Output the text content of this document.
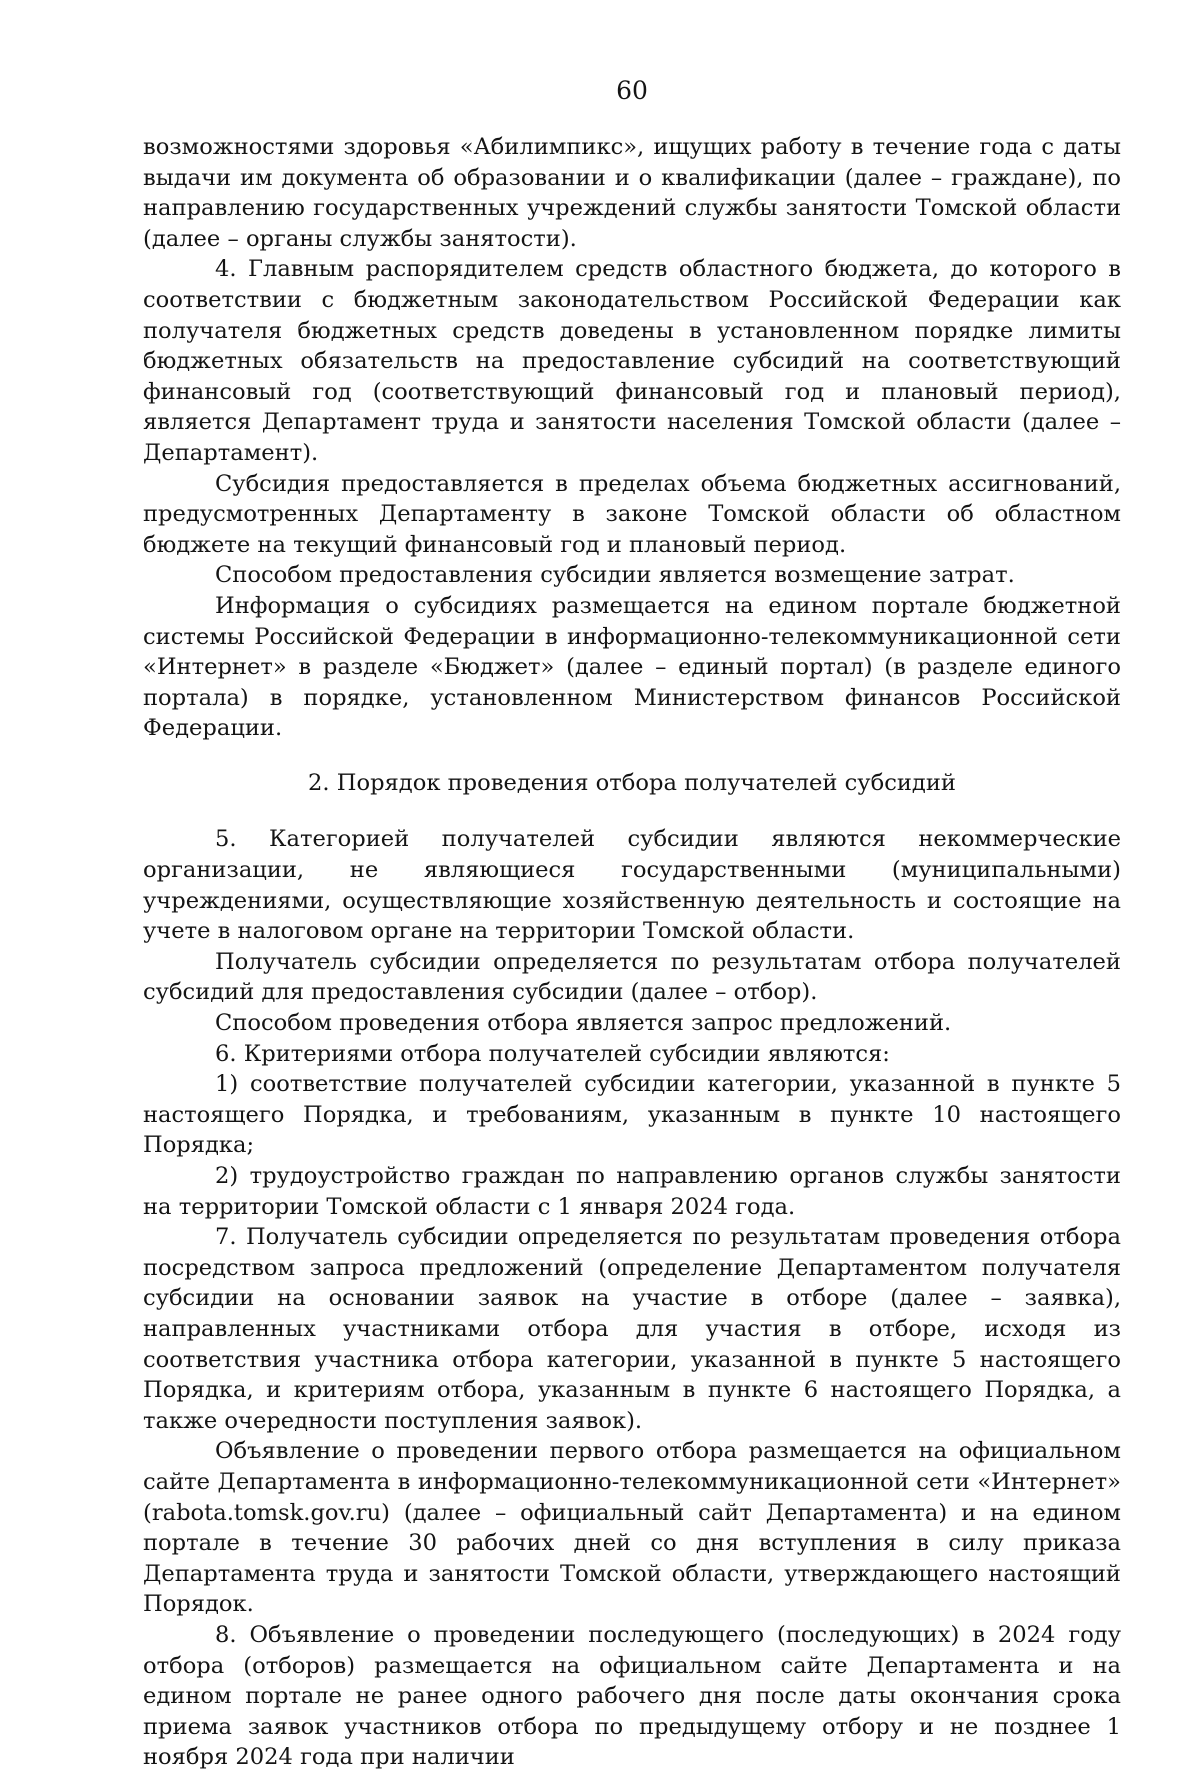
60

возможностями здоровья «Абилимпикс», ищущих работу в течение года с даты выдачи им документа об образовании и о квалификации (далее – граждане), по направлению государственных учреждений службы занятости Томской области (далее – органы службы занятости).

4. Главным распорядителем средств областного бюджета, до которого в соответствии с бюджетным законодательством Российской Федерации как получателя бюджетных средств доведены в установленном порядке лимиты бюджетных обязательств на предоставление субсидий на соответствующий финансовый год (соответствующий финансовый год и плановый период), является Департамент труда и занятости населения Томской области (далее – Департамент).

Субсидия предоставляется в пределах объема бюджетных ассигнований, предусмотренных Департаменту в законе Томской области об областном бюджете на текущий финансовый год и плановый период.

Способом предоставления субсидии является возмещение затрат.

Информация о субсидиях размещается на едином портале бюджетной системы Российской Федерации в информационно-телекоммуникационной сети «Интернет» в разделе «Бюджет» (далее – единый портал) (в разделе единого портала) в порядке, установленном Министерством финансов Российской Федерации.

2. Порядок проведения отбора получателей субсидий

5. Категорией получателей субсидии являются некоммерческие организации, не являющиеся государственными (муниципальными) учреждениями, осуществляющие хозяйственную деятельность и состоящие на учете в налоговом органе на территории Томской области.

Получатель субсидии определяется по результатам отбора получателей субсидий для предоставления субсидии (далее – отбор).

Способом проведения отбора является запрос предложений.

6. Критериями отбора получателей субсидии являются:

1) соответствие получателей субсидии категории, указанной в пункте 5 настоящего Порядка, и требованиям, указанным в пункте 10 настоящего Порядка;

2) трудоустройство граждан по направлению органов службы занятости на территории Томской области с 1 января 2024 года.

7. Получатель субсидии определяется по результатам проведения отбора посредством запроса предложений (определение Департаментом получателя субсидии на основании заявок на участие в отборе (далее – заявка), направленных участниками отбора для участия в отборе, исходя из соответствия участника отбора категории, указанной в пункте 5 настоящего Порядка, и критериям отбора, указанным в пункте 6 настоящего Порядка, а также очередности поступления заявок).

Объявление о проведении первого отбора размещается на официальном сайте Департамента в информационно-телекоммуникационной сети «Интернет» (rabota.tomsk.gov.ru) (далее – официальный сайт Департамента) и на едином портале в течение 30 рабочих дней со дня вступления в силу приказа Департамента труда и занятости Томской области, утверждающего настоящий Порядок.

8. Объявление о проведении последующего (последующих) в 2024 году отбора (отборов) размещается на официальном сайте Департамента и на едином портале не ранее одного рабочего дня после даты окончания срока приема заявок участников отбора по предыдущему отбору и не позднее 1 ноября 2024 года при наличии
